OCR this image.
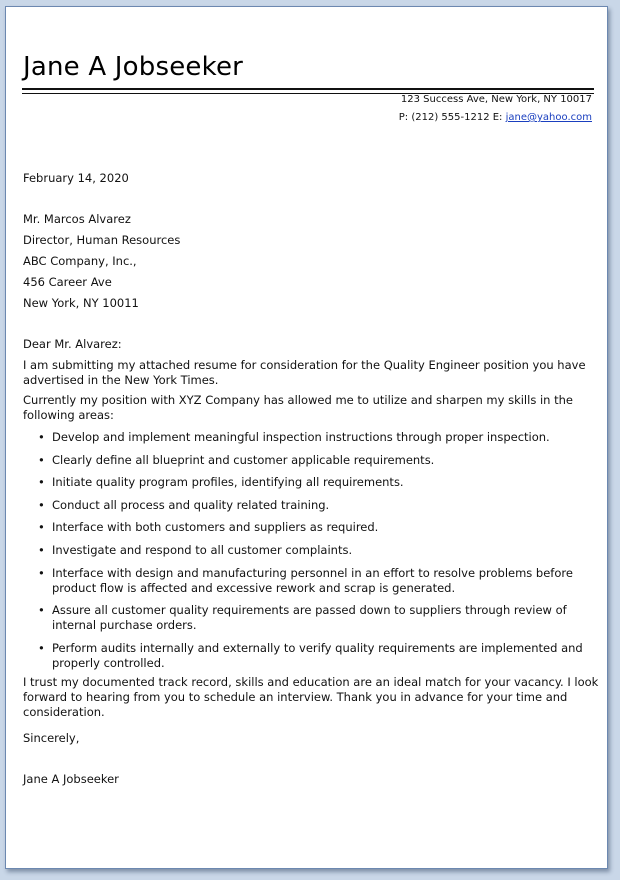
Jane A Jobseeker
123 Success Ave, New York, NY 10017
P: (212) 555-1212 E: jane@yahoo.com

February 14, 2020

Mr. Marcos Alvarez

Director, Human Resources

ABC Company, Inc.,

456 Career Ave

New York, NY 10011

Dear Mr. Alvarez:

I am submitting my attached resume for consideration for the Quality Engineer position you have advertised in the New York Times.

Currently my position with XYZ Company has allowed me to utilize and sharpen my skills in the following areas:

• Develop and implement meaningful inspection instructions through proper inspection.
• Clearly define all blueprint and customer applicable requirements.
• Initiate quality program profiles, identifying all requirements.
• Conduct all process and quality related training.
• Interface with both customers and suppliers as required.
• Investigate and respond to all customer complaints.
• Interface with design and manufacturing personnel in an effort to resolve problems before product flow is affected and excessive rework and scrap is generated.
• Assure all customer quality requirements are passed down to suppliers through review of internal purchase orders.
• Perform audits internally and externally to verify quality requirements are implemented and properly controlled.

I trust my documented track record, skills and education are an ideal match for your vacancy. I look forward to hearing from you to schedule an interview. Thank you in advance for your time and consideration.

Sincerely,

Jane A Jobseeker
